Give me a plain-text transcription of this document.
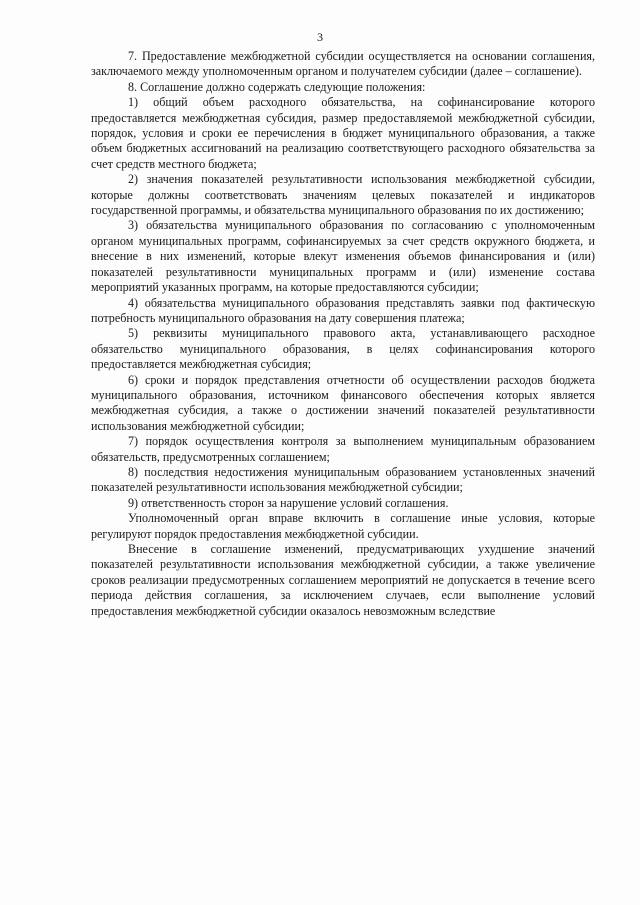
3

7. Предоставление межбюджетной субсидии осуществляется на основании соглашения, заключаемого между уполномоченным органом и получателем субсидии (далее – соглашение).

8. Соглашение должно содержать следующие положения:

1) общий объем расходного обязательства, на софинансирование которого предоставляется межбюджетная субсидия, размер предоставляемой межбюджетной субсидии, порядок, условия и сроки ее перечисления в бюджет муниципального образования, а также объем бюджетных ассигнований на реализацию соответствующего расходного обязательства за счет средств местного бюджета;

2) значения показателей результативности использования межбюджетной субсидии, которые должны соответствовать значениям целевых показателей и индикаторов государственной программы, и обязательства муниципального образования по их достижению;

3) обязательства муниципального образования по согласованию с уполномоченным органом муниципальных программ, софинансируемых за счет средств окружного бюджета, и внесение в них изменений, которые влекут изменения объемов финансирования и (или) показателей результативности муниципальных программ и (или) изменение состава мероприятий указанных программ, на которые предоставляются субсидии;

4) обязательства муниципального образования представлять заявки под фактическую потребность муниципального образования на дату совершения платежа;

5) реквизиты муниципального правового акта, устанавливающего расходное обязательство муниципального образования, в целях софинансирования которого предоставляется межбюджетная субсидия;

6) сроки и порядок представления отчетности об осуществлении расходов бюджета муниципального образования, источником финансового обеспечения которых является межбюджетная субсидия, а также о достижении значений показателей результативности использования межбюджетной субсидии;

7) порядок осуществления контроля за выполнением муниципальным образованием обязательств, предусмотренных соглашением;

8) последствия недостижения муниципальным образованием установленных значений показателей результативности использования межбюджетной субсидии;

9) ответственность сторон за нарушение условий соглашения.

Уполномоченный орган вправе включить в соглашение иные условия, которые регулируют порядок предоставления межбюджетной субсидии.

Внесение в соглашение изменений, предусматривающих ухудшение значений показателей результативности использования межбюджетной субсидии, а также увеличение сроков реализации предусмотренных соглашением мероприятий не допускается в течение всего периода действия соглашения, за исключением случаев, если выполнение условий предоставления межбюджетной субсидии оказалось невозможным вследствие
